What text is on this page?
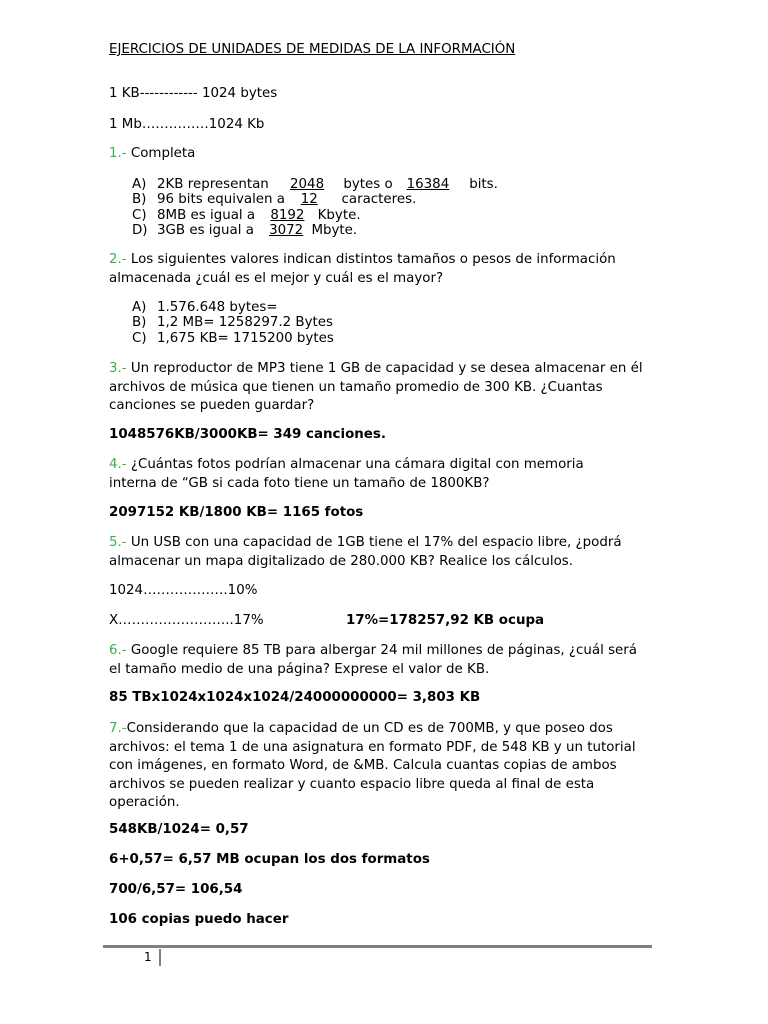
EJERCICIOS DE UNIDADES DE MEDIDAS DE LA INFORMACIÓN
1 KB------------ 1024 bytes
1 Mb……………1024 Kb
1.- Completa
A) 2KB representan 2048 bytes o 16384 bits.
B) 96 bits equivalen a 12 caracteres.
C) 8MB es igual a 8192 Kbyte.
D) 3GB es igual a 3072 Mbyte.
2.- Los siguientes valores indican distintos tamaños o pesos de información almacenada ¿cuál es el mejor y cuál es el mayor?
A) 1.576.648 bytes=
B) 1,2 MB= 1258297.2 Bytes
C) 1,675 KB= 1715200 bytes
3.- Un reproductor de MP3 tiene 1 GB de capacidad y se desea almacenar en él archivos de música que tienen un tamaño promedio de 300 KB. ¿Cuantas canciones se pueden guardar?
1048576KB/3000KB= 349 canciones.
4.- ¿Cuántas fotos podrían almacenar una cámara digital con memoria interna de “GB si cada foto tiene un tamaño de 1800KB?
2097152 KB/1800 KB= 1165 fotos
5.- Un USB con una capacidad de 1GB tiene el 17% del espacio libre, ¿podrá almacenar un mapa digitalizado de 280.000 KB? Realice los cálculos.
1024……………….10%
X……………………..17%	17%=178257,92 KB ocupa
6.- Google requiere 85 TB para albergar 24 mil millones de páginas, ¿cuál será el tamaño medio de una página? Exprese el valor de KB.
85 TBx1024x1024x1024/24000000000= 3,803 KB
7.-Considerando que la capacidad de un CD es de 700MB, y que poseo dos archivos: el tema 1 de una asignatura en formato PDF, de 548 KB y un tutorial con imágenes, en formato Word, de &MB. Calcula cuantas copias de ambos archivos se pueden realizar y cuanto espacio libre queda al final de esta operación.
548KB/1024= 0,57
6+0,57= 6,57 MB ocupan los dos formatos
700/6,57= 106,54
106 copias puedo hacer
1
